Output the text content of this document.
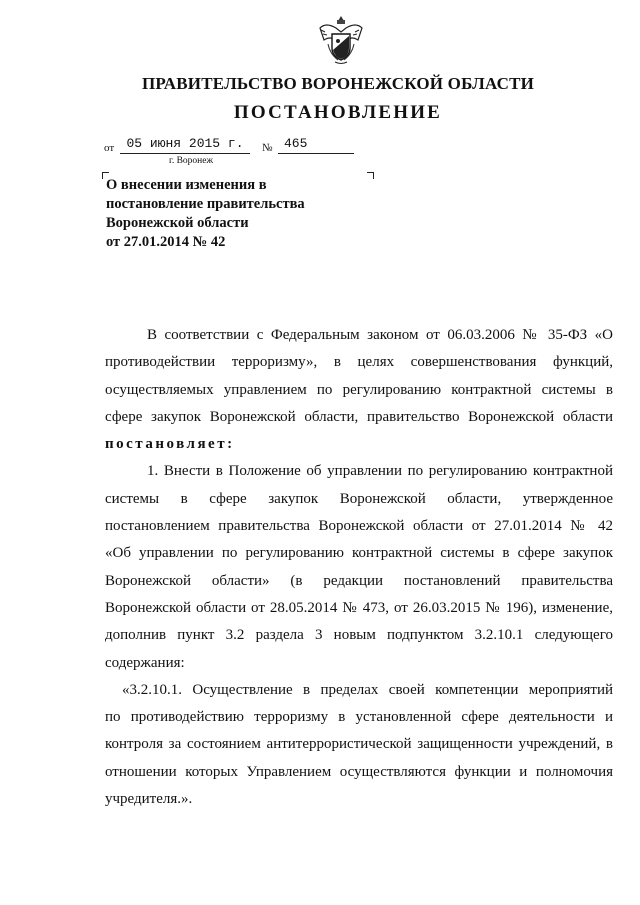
ПРАВИТЕЛЬСТВО ВОРОНЕЖСКОЙ ОБЛАСТИ
ПОСТАНОВЛЕНИЕ
от 05 июня 2015 г.	№ 465
г. Воронеж
О внесении изменения в
постановление правительства
Воронежской области
от 27.01.2014 № 42
В соответствии с Федеральным законом от 06.03.2006 № 35-ФЗ «О
противодействии терроризму», в целях совершенствования функций,
осуществляемых управлением по регулированию контрактной системы в
сфере закупок Воронежской области, правительство Воронежской области
постановляет:
1. Внести в Положение об управлении по регулированию контрактной
системы в сфере закупок Воронежской области, утвержденное
постановлением правительства Воронежской области от 27.01.2014 № 42
«Об управлении по регулированию контрактной системы в сфере закупок
Воронежской области» (в редакции постановлений правительства
Воронежской области от 28.05.2014 № 473, от 26.03.2015 № 196), изменение,
дополнив пункт 3.2 раздела 3 новым подпунктом 3.2.10.1 следующего
содержания:
«3.2.10.1. Осуществление в пределах своей компетенции мероприятий
по противодействию терроризму в установленной сфере деятельности и
контроля за состоянием антитеррористической защищенности учреждений, в
отношении которых Управлением осуществляются функции и полномочия
учредителя.».
